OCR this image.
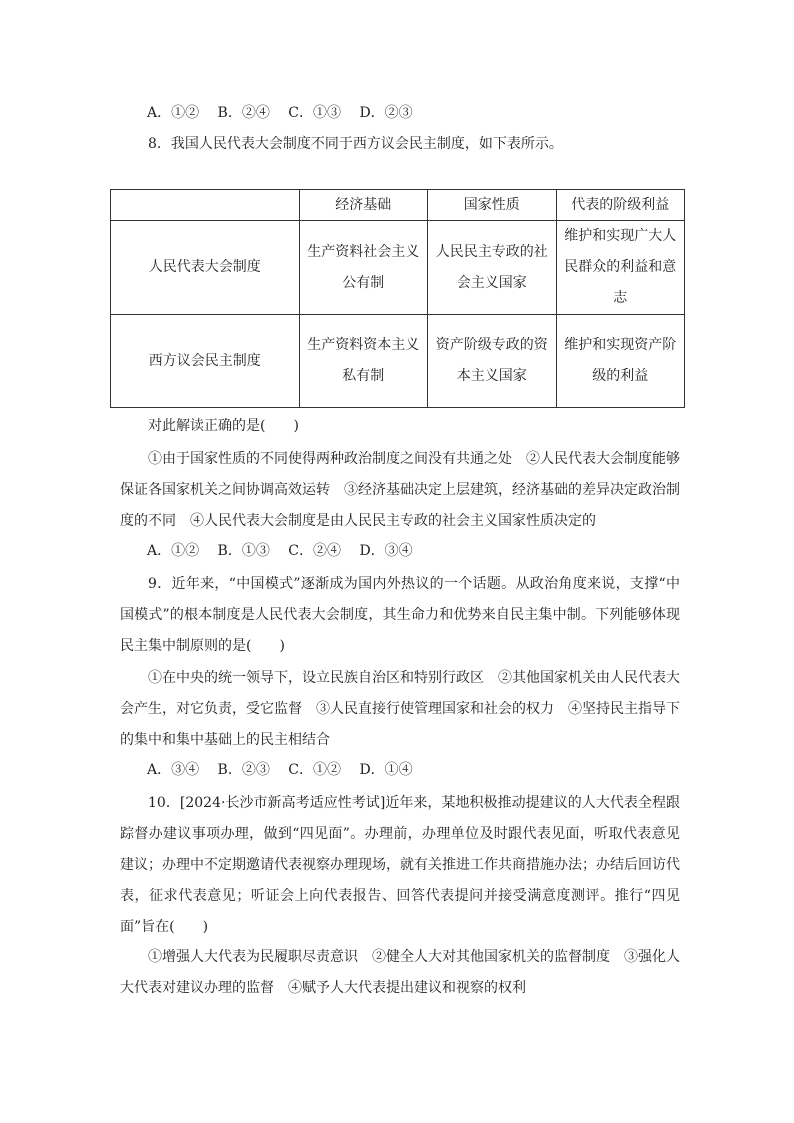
A．①②　 B．②④　 C．①③　 D．②③
8．我国人民代表大会制度不同于西方议会民主制度，如下表所示。
	经济基础	国家性质	代表的阶级利益
人民代表大会制度	生产资料社会主义公有制	人民民主专政的社会主义国家	维护和实现广大人民群众的利益和意志
西方议会民主制度	生产资料资本主义私有制	资产阶级专政的资本主义国家	维护和实现资产阶级的利益
对此解读正确的是(　　)
①由于国家性质的不同使得两种政治制度之间没有共通之处　②人民代表大会制度能够保证各国家机关之间协调高效运转　③经济基础决定上层建筑，经济基础的差异决定政治制度的不同　④人民代表大会制度是由人民民主专政的社会主义国家性质决定的
A．①②　 B．①③　 C．②④　 D．③④
9．近年来，“中国模式”逐渐成为国内外热议的一个话题。从政治角度来说，支撑“中国模式”的根本制度是人民代表大会制度，其生命力和优势来自民主集中制。下列能够体现民主集中制原则的是(　　)
①在中央的统一领导下，设立民族自治区和特别行政区　②其他国家机关由人民代表大会产生，对它负责，受它监督　③人民直接行使管理国家和社会的权力　④坚持民主指导下的集中和集中基础上的民主相结合
A．③④　 B．②③　 C．①②　 D．①④
10．[2024·长沙市新高考适应性考试]近年来，某地积极推动提建议的人大代表全程跟踪督办建议事项办理，做到“四见面”。办理前，办理单位及时跟代表见面，听取代表意见建议；办理中不定期邀请代表视察办理现场，就有关推进工作共商措施办法；办结后回访代表，征求代表意见；听证会上向代表报告、回答代表提问并接受满意度测评。推行“四见面”旨在(　　)
①增强人大代表为民履职尽责意识　②健全人大对其他国家机关的监督制度　③强化人大代表对建议办理的监督　④赋予人大代表提出建议和视察的权利
